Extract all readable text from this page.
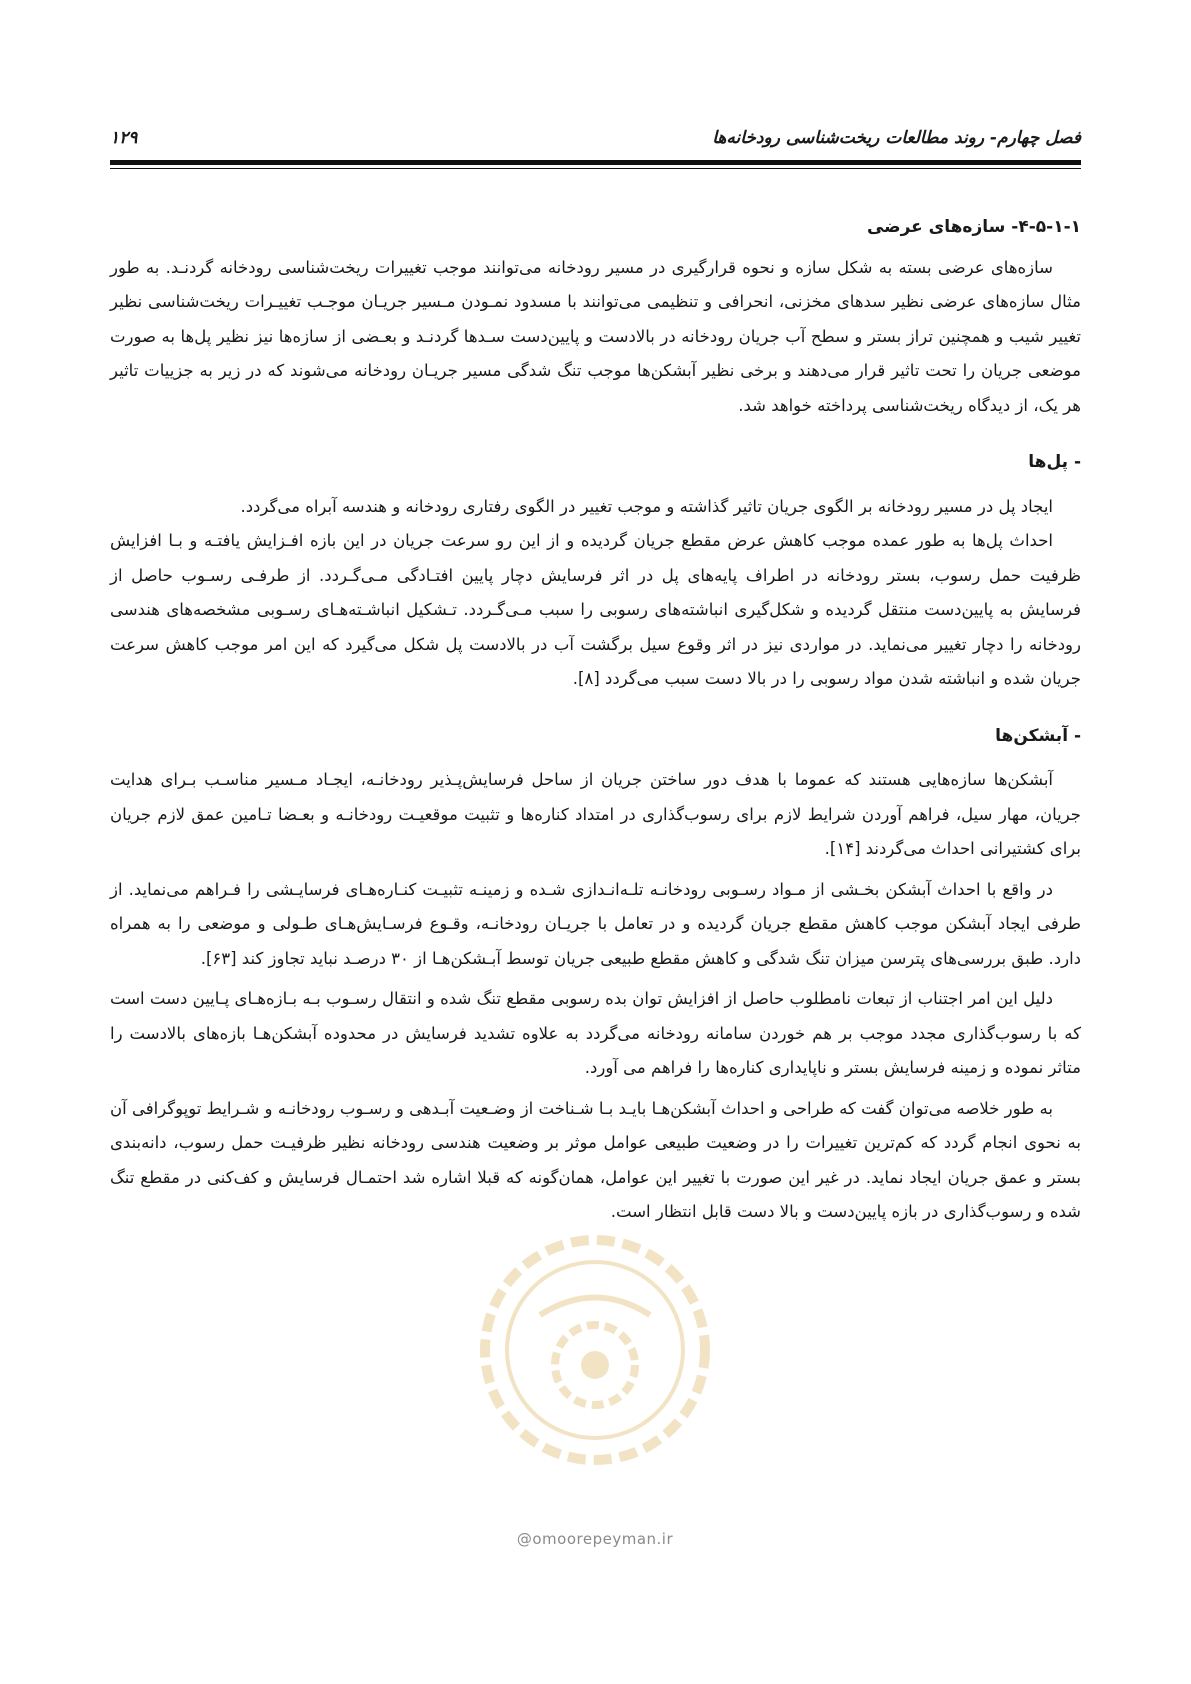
فصل چهارم- روند مطالعات ریخت‌شناسی رودخانه‌ها
۱۲۹
۴-۵-۱-۱- سازه‌های عرضی

سازه‌های عرضی بسته به شکل سازه و نحوه قرارگیری در مسیر رودخانه می‌توانند موجب تغییرات ریخت‌شناسی رودخانه گردنـد. به طور مثال سازه‌های عرضی نظیر سدهای مخزنی، انحرافی و تنظیمی می‌توانند با مسدود نمـودن مـسیر جریـان موجـب تغییـرات ریخت‌شناسی نظیر تغییر شیب و همچنین تراز بستر و سطح آب جریان رودخانه در بالادست و پایین‌دست سـدها گردنـد و بعـضی از سازه‌ها نیز نظیر پل‌ها به صورت موضعی جریان را تحت تاثیر قرار می‌دهند و برخی نظیر آبشکن‌ها موجب تنگ شدگی مسیر جریـان رودخانه می‌شوند که در زیر به جزییات تاثیر هر یک، از دیدگاه ریخت‌شناسی پرداخته خواهد شد.

- پل‌ها

ایجاد پل در مسیر رودخانه بر الگوی جریان تاثیر گذاشته و موجب تغییر در الگوی رفتاری رودخانه و هندسه آبراه می‌گردد.

احداث پل‌ها به طور عمده موجب کاهش عرض مقطع جریان گردیده و از این رو سرعت جریان در این بازه افـزایش یافتـه و بـا افزایش ظرفیت حمل رسوب، بستر رودخانه در اطراف پایه‌های پل در اثر فرسایش دچار پایین افتـادگی مـی‌گـردد. از طرفـی رسـوب حاصل از فرسایش به پایین‌دست منتقل گردیده و شکل‌گیری انباشته‌های رسوبی را سبب مـی‌گـردد. تـشکیل انباشـته‌هـای رسـوبی مشخصه‌های هندسی رودخانه را دچار تغییر می‌نماید. در مواردی نیز در اثر وقوع سیل برگشت آب در بالادست پل شکل می‌گیرد که این امر موجب کاهش سرعت جریان شده و انباشته شدن مواد رسوبی را در بالا دست سبب می‌گردد [۸].

- آبشکن‌ها

آبشکن‌ها سازه‌هایی هستند که عموما با هدف دور ساختن جریان از ساحل فرسایش‌پـذیر رودخانـه، ایجـاد مـسیر مناسـب بـرای هدایت جریان، مهار سیل، فراهم آوردن شرایط لازم برای رسوب‌گذاری در امتداد کناره‌ها و تثبیت موقعیـت رودخانـه و بعـضا تـامین عمق لازم جریان برای کشتیرانی احداث می‌گردند [۱۴].

در واقع با احداث آبشکن بخـشی از مـواد رسـوبی رودخانـه تلـه‌انـدازی شـده و زمینـه تثبیـت کنـاره‌هـای فرسایـشی را فـراهم می‌نماید. از طرفی ایجاد آبشکن موجب کاهش مقطع جریان گردیده و در تعامل با جریـان رودخانـه، وقـوع فرسـایش‌هـای طـولی و موضعی را به همراه دارد. طبق بررسی‌های پترسن میزان تنگ شدگی و کاهش مقطع طبیعی جریان توسط آبـشکن‌هـا از ۳۰ درصـد نباید تجاوز کند [۶۳].

دلیل این امر اجتناب از تبعات نامطلوب حاصل از افزایش توان بده رسوبی مقطع تنگ شده و انتقال رسـوب بـه بـازه‌هـای پـایین دست است که با رسوب‌گذاری مجدد موجب بر هم خوردن سامانه رودخانه می‌گردد به علاوه تشدید فرسایش در محدوده آبشکن‌هـا بازه‌های بالادست را متاثر نموده و زمینه فرسایش بستر و ناپایداری کناره‌ها را فراهم می آورد.

به طور خلاصه می‌توان گفت که طراحی و احداث آبشکن‌هـا بایـد بـا شـناخت از وضـعیت آبـدهی و رسـوب رودخانـه و شـرایط توپوگرافی آن به نحوی انجام گردد که کم‌ترین تغییرات را در وضعیت طبیعی عوامل موثر بر وضعیت هندسی رودخانه نظیر ظرفیـت حمل رسوب، دانه‌بندی بستر و عمق جریان ایجاد نماید. در غیر این صورت با تغییر این عوامل، همان‌گونه که قبلا اشاره شد احتمـال فرسایش و کف‌کنی در مقطع تنگ شده و رسوب‌گذاری در بازه پایین‌دست و بالا دست قابل انتظار است.

@omoorepeyman.ir
